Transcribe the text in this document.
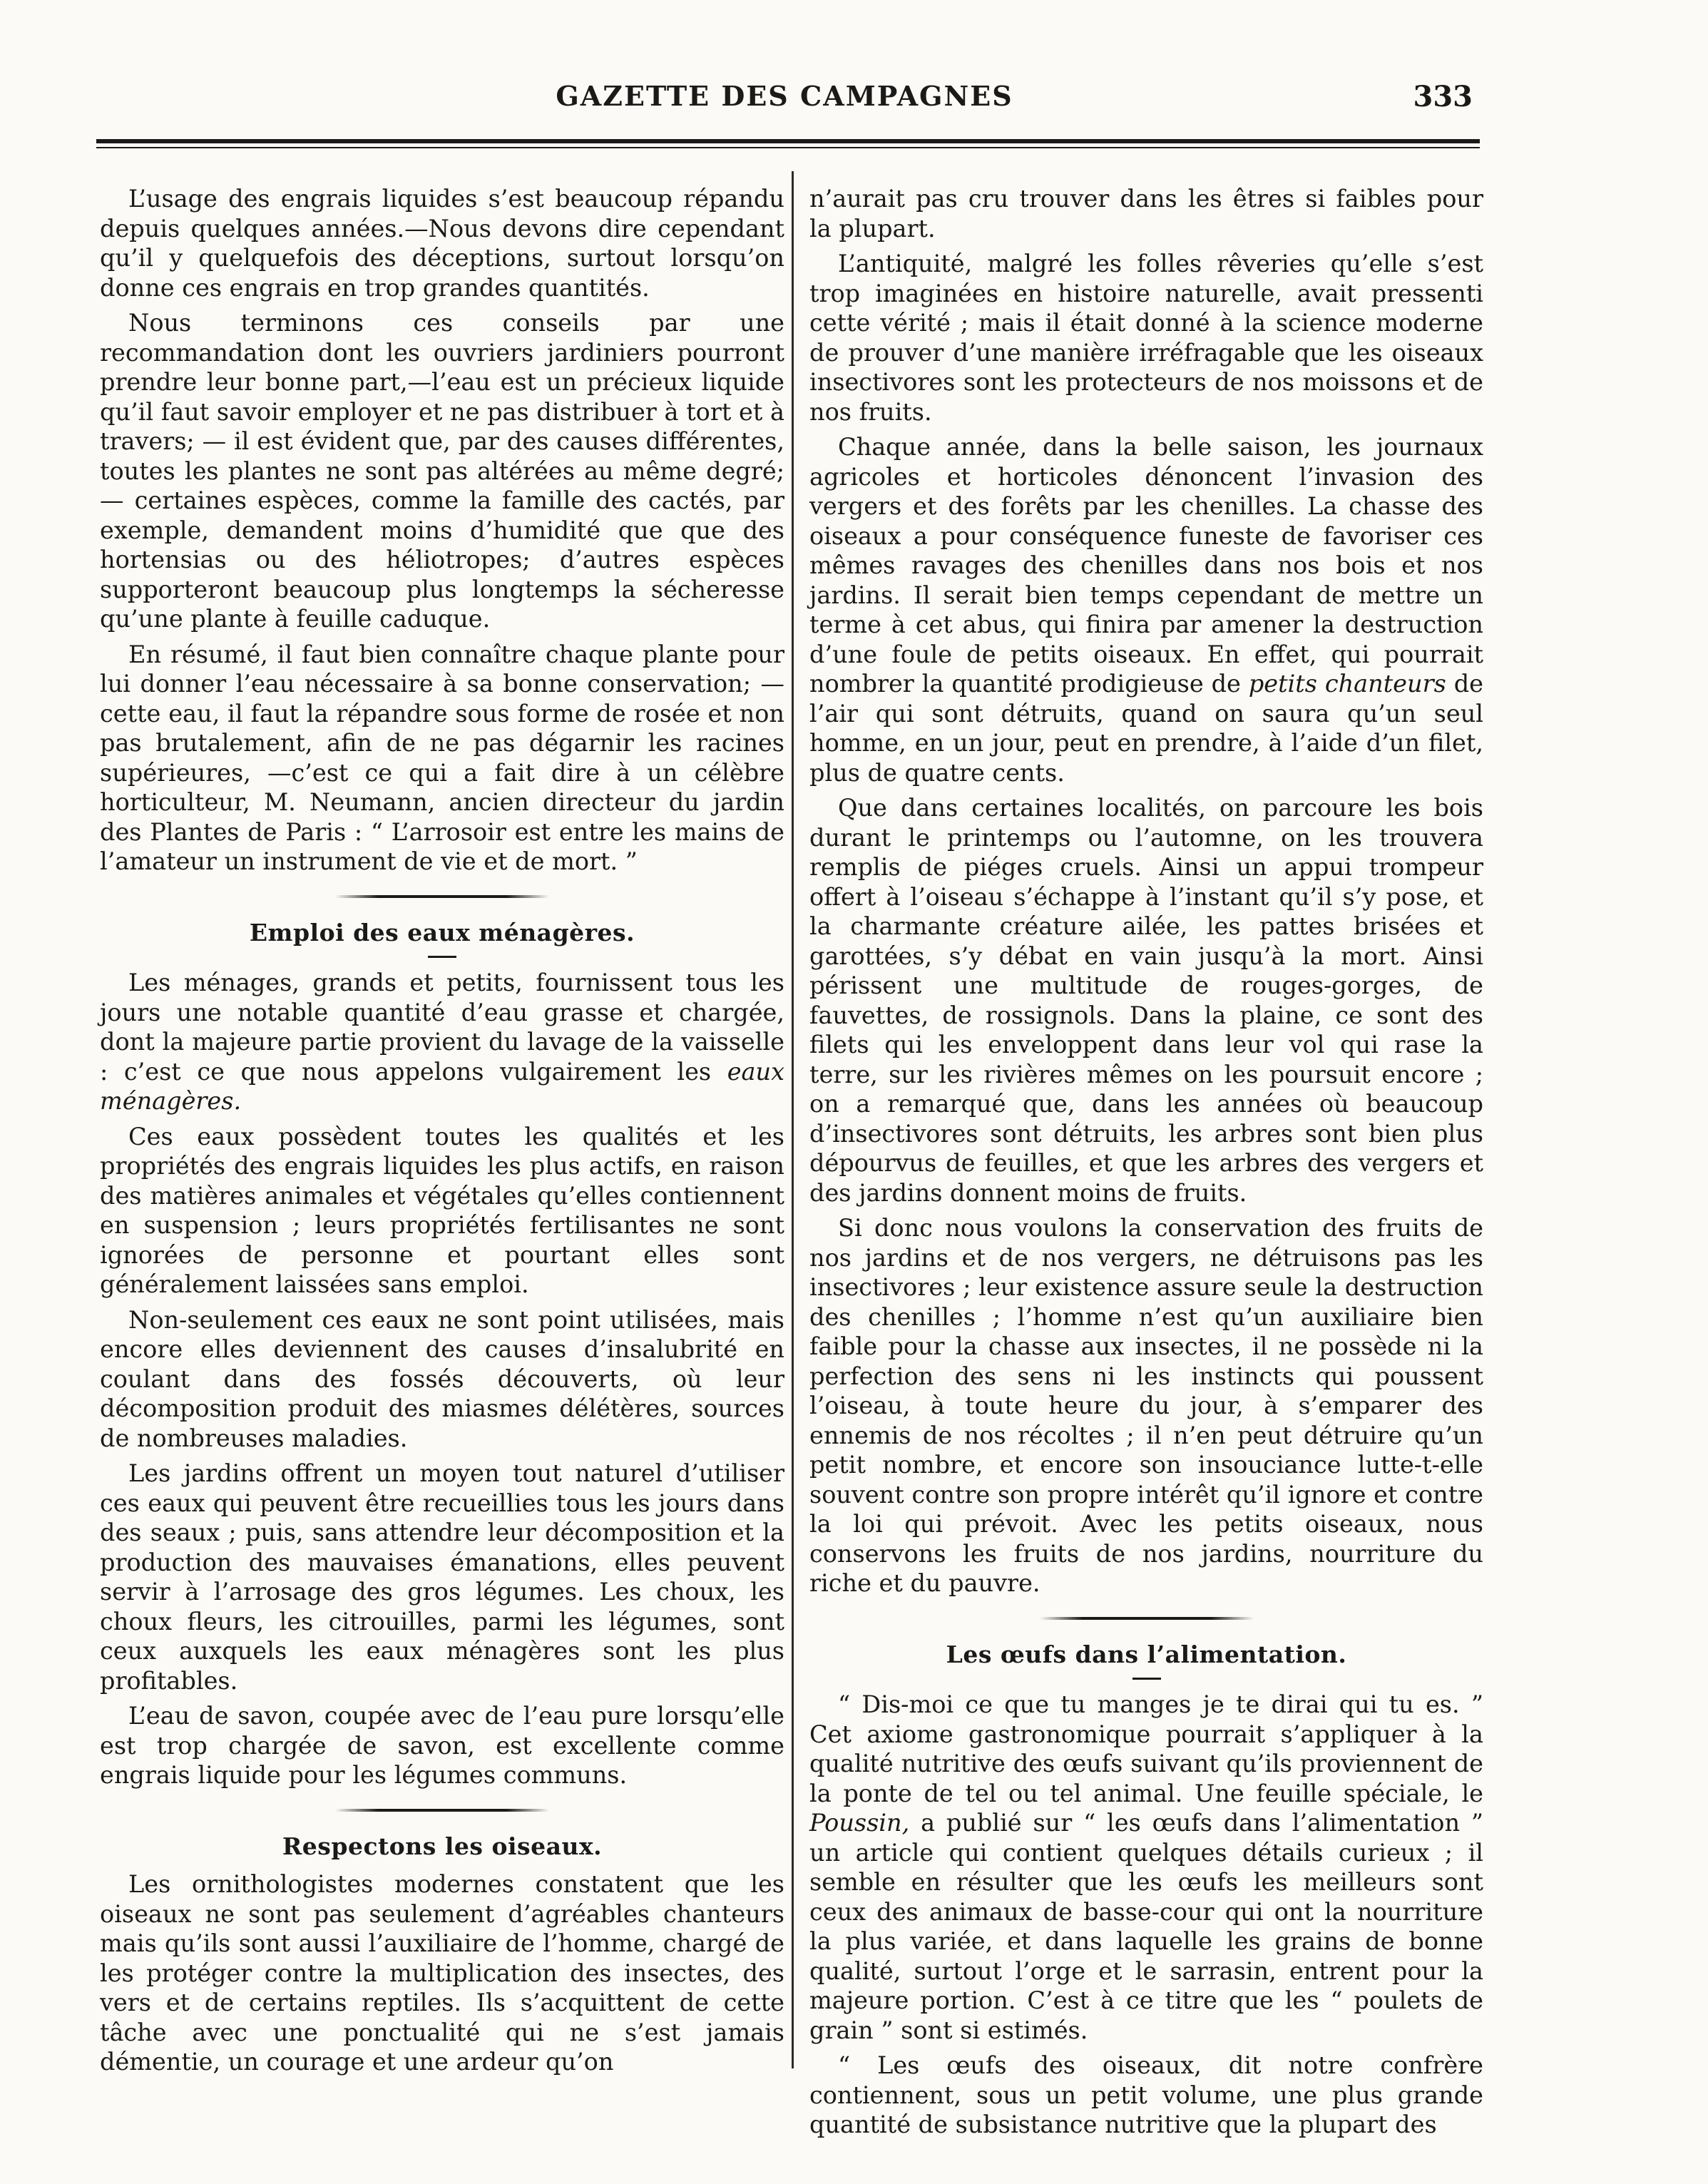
GAZETTE DES CAMPAGNES	333

L’usage des engrais liquides s’est beaucoup répandu depuis quelques années.—Nous devons dire cependant qu’il y quelquefois des déceptions, surtout lorsqu’on donne ces engrais en trop grandes quantités.

Nous terminons ces conseils par une recommandation dont les ouvriers jardiniers pourront prendre leur bonne part,—l’eau est un précieux liquide qu’il faut savoir employer et ne pas distribuer à tort et à travers; — il est évident que, par des causes différentes, toutes les plantes ne sont pas altérées au même degré; — certaines espèces, comme la famille des cactés, par exemple, demandent moins d’humidité que que des hortensias ou des héliotropes; d’autres espèces supporteront beaucoup plus longtemps la sécheresse qu’une plante à feuille caduque.

En résumé, il faut bien connaître chaque plante pour lui donner l’eau nécessaire à sa bonne conservation; — cette eau, il faut la répandre sous forme de rosée et non pas brutalement, afin de ne pas dégarnir les racines supérieures, —c’est ce qui a fait dire à un célèbre horticulteur, M. Neumann, ancien directeur du jardin des Plantes de Paris : “ L’arrosoir est entre les mains de l’amateur un instrument de vie et de mort. ”

Emploi des eaux ménagères.

Les ménages, grands et petits, fournissent tous les jours une notable quantité d’eau grasse et chargée, dont la majeure partie provient du lavage de la vaisselle : c’est ce que nous appelons vulgairement les eaux ménagères.

Ces eaux possèdent toutes les qualités et les propriétés des engrais liquides les plus actifs, en raison des matières animales et végétales qu’elles contiennent en suspension ; leurs propriétés fertilisantes ne sont ignorées de personne et pourtant elles sont généralement laissées sans emploi.

Non-seulement ces eaux ne sont point utilisées, mais encore elles deviennent des causes d’insalubrité en coulant dans des fossés découverts, où leur décomposition produit des miasmes délétères, sources de nombreuses maladies.

Les jardins offrent un moyen tout naturel d’utiliser ces eaux qui peuvent être recueillies tous les jours dans des seaux ; puis, sans attendre leur décomposition et la production des mauvaises émanations, elles peuvent servir à l’arrosage des gros légumes. Les choux, les choux fleurs, les citrouilles, parmi les légumes, sont ceux auxquels les eaux ménagères sont les plus profitables.

L’eau de savon, coupée avec de l’eau pure lorsqu’elle est trop chargée de savon, est excellente comme engrais liquide pour les légumes communs.

Respectons les oiseaux.

Les ornithologistes modernes constatent que les oiseaux ne sont pas seulement d’agréables chanteurs mais qu’ils sont aussi l’auxiliaire de l’homme, chargé de les protéger contre la multiplication des insectes, des vers et de certains reptiles. Ils s’acquittent de cette tâche avec une ponctualité qui ne s’est jamais démentie, un courage et une ardeur qu’on

n’aurait pas cru trouver dans les êtres si faibles pour la plupart.

L’antiquité, malgré les folles rêveries qu’elle s’est trop imaginées en histoire naturelle, avait pressenti cette vérité ; mais il était donné à la science moderne de prouver d’une manière irréfragable que les oiseaux insectivores sont les protecteurs de nos moissons et de nos fruits.

Chaque année, dans la belle saison, les journaux agricoles et horticoles dénoncent l’invasion des vergers et des forêts par les chenilles. La chasse des oiseaux a pour conséquence funeste de favoriser ces mêmes ravages des chenilles dans nos bois et nos jardins. Il serait bien temps cependant de mettre un terme à cet abus, qui finira par amener la destruction d’une foule de petits oiseaux. En effet, qui pourrait nombrer la quantité prodigieuse de petits chanteurs de l’air qui sont détruits, quand on saura qu’un seul homme, en un jour, peut en prendre, à l’aide d’un filet, plus de quatre cents.

Que dans certaines localités, on parcoure les bois durant le printemps ou l’automne, on les trouvera remplis de piéges cruels. Ainsi un appui trompeur offert à l’oiseau s’échappe à l’instant qu’il s’y pose, et la charmante créature ailée, les pattes brisées et garottées, s’y débat en vain jusqu’à la mort. Ainsi périssent une multitude de rouges-gorges, de fauvettes, de rossignols. Dans la plaine, ce sont des filets qui les enveloppent dans leur vol qui rase la terre, sur les rivières mêmes on les poursuit encore ; on a remarqué que, dans les années où beaucoup d’insectivores sont détruits, les arbres sont bien plus dépourvus de feuilles, et que les arbres des vergers et des jardins donnent moins de fruits.

Si donc nous voulons la conservation des fruits de nos jardins et de nos vergers, ne détruisons pas les insectivores ; leur existence assure seule la destruction des chenilles ; l’homme n’est qu’un auxiliaire bien faible pour la chasse aux insectes, il ne possède ni la perfection des sens ni les instincts qui poussent l’oiseau, à toute heure du jour, à s’emparer des ennemis de nos récoltes ; il n’en peut détruire qu’un petit nombre, et encore son insouciance lutte-t-elle souvent contre son propre intérêt qu’il ignore et contre la loi qui prévoit. Avec les petits oiseaux, nous conservons les fruits de nos jardins, nourriture du riche et du pauvre.

Les œufs dans l’alimentation.

“ Dis-moi ce que tu manges je te dirai qui tu es. ” Cet axiome gastronomique pourrait s’appliquer à la qualité nutritive des œufs suivant qu’ils proviennent de la ponte de tel ou tel animal. Une feuille spéciale, le Poussin, a publié sur “ les œufs dans l’alimentation ” un article qui contient quelques détails curieux ; il semble en résulter que les œufs les meilleurs sont ceux des animaux de basse-cour qui ont la nourriture la plus variée, et dans laquelle les grains de bonne qualité, surtout l’orge et le sarrasin, entrent pour la majeure portion. C’est à ce titre que les “ poulets de grain ” sont si estimés.

“ Les œufs des oiseaux, dit notre confrère contiennent, sous un petit volume, une plus grande quantité de subsistance nutritive que la plupart des
